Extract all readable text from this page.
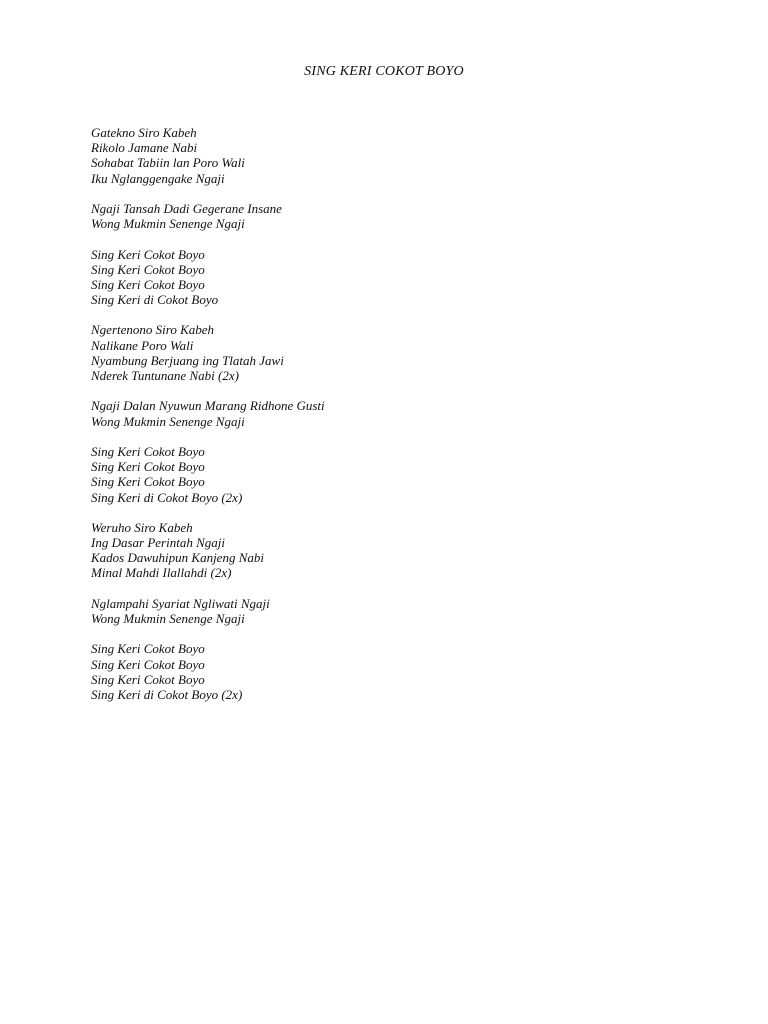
SING KERI COKOT BOYO
Gatekno Siro Kabeh
Rikolo Jamane Nabi
Sohabat Tabiin lan Poro Wali
Iku Nglanggengake Ngaji
Ngaji Tansah Dadi Gegerane Insane
Wong Mukmin Senenge Ngaji
Sing Keri Cokot Boyo
Sing Keri Cokot Boyo
Sing Keri Cokot Boyo
Sing Keri di Cokot Boyo
Ngertenono Siro Kabeh
Nalikane Poro Wali
Nyambung Berjuang ing Tlatah Jawi
Nderek Tuntunane Nabi (2x)
Ngaji Dalan Nyuwun Marang Ridhone Gusti
Wong Mukmin Senenge Ngaji
Sing Keri Cokot Boyo
Sing Keri Cokot Boyo
Sing Keri Cokot Boyo
Sing Keri di Cokot Boyo (2x)
Weruho Siro Kabeh
Ing Dasar Perintah Ngaji
Kados Dawuhipun Kanjeng Nabi
Minal Mahdi Ilallahdi (2x)
Nglampahi Syariat Ngliwati Ngaji
Wong Mukmin Senenge Ngaji
Sing Keri Cokot Boyo
Sing Keri Cokot Boyo
Sing Keri Cokot Boyo
Sing Keri di Cokot Boyo (2x)
